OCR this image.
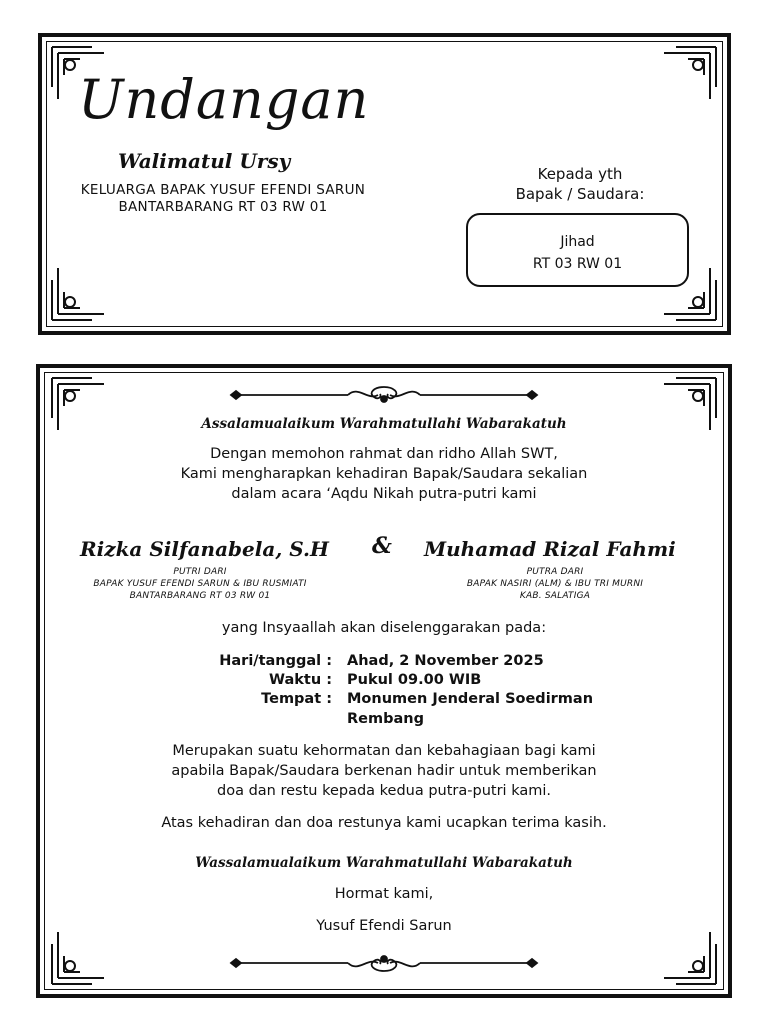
Undangan
Walimatul Ursy
KELUARGA BAPAK YUSUF EFENDI SARUN
BANTARBARANG RT 03 RW 01
Kepada yth
Bapak / Saudara:
Jihad
RT 03 RW 01
Assalamualaikum Warahmatullahi Wabarakatuh
Dengan memohon rahmat dan ridho Allah SWT,
Kami mengharapkan kehadiran Bapak/Saudara sekalian
dalam acara ‘Aqdu Nikah putra-putri kami
Rizka Silfanabela, S.H & Muhamad Rizal Fahmi
PUTRI DARI
BAPAK YUSUF EFENDI SARUN & IBU RUSMIATI
BANTARBARANG RT 03 RW 01
PUTRA DARI
BAPAK NASIRI (ALM) & IBU TRI MURNI
KAB. SALATIGA
yang Insyaallah akan diselenggarakan pada:
Hari/tanggal : Ahad, 2 November 2025
Waktu : Pukul 09.00 WIB
Tempat : Monumen Jenderal Soedirman
Rembang
Merupakan suatu kehormatan dan kebahagiaan bagi kami
apabila Bapak/Saudara berkenan hadir untuk memberikan
doa dan restu kepada kedua putra-putri kami.
Atas kehadiran dan doa restunya kami ucapkan terima kasih.
Wassalamualaikum Warahmatullahi Wabarakatuh
Hormat kami,
Yusuf Efendi Sarun
